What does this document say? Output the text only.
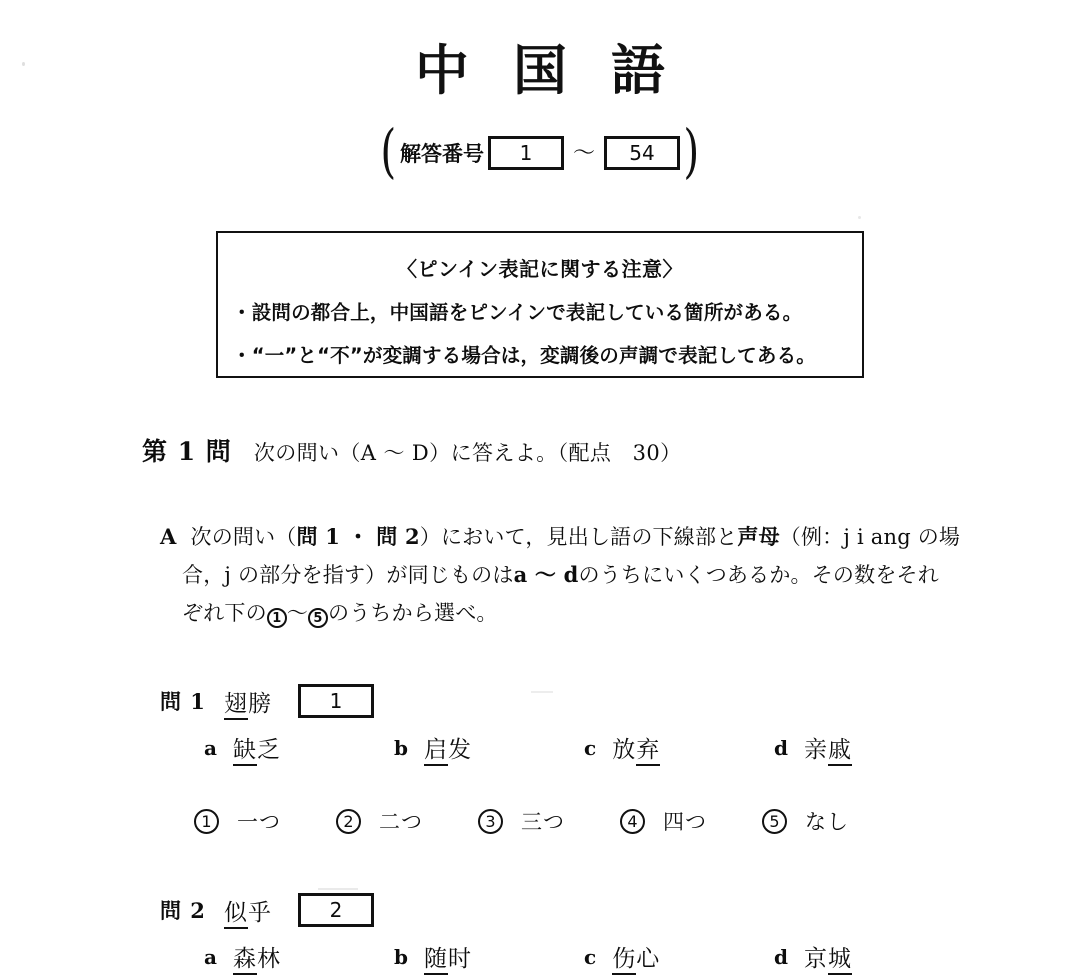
中国語
( 解答番号	1	〜	54 )
〈ピンイン表記に関する注意〉
・設問の都合上，中国語をピンインで表記している箇所がある。
・“一”と“不”が変調する場合は，変調後の声調で表記してある。
第 1 問 次の問い（A 〜 D）に答えよ。（配点　30）
A 次の問い（問 1 ・ 問 2）において，見出し語の下線部と声母（例：j i ang の場
合，j の部分を指す）が同じものはa 〜 dのうちにいくつあるか。その数をそれ
ぞれ下の 1 〜 5 のうちから選べ。
問 1 翅膀	1
a 缺乏	b 启发	c 放弃	d 亲戚
1	一つ	2	二つ	3	三つ	4	四つ	5	なし
問 2 似乎	2
a 森林	b 随时	c 伤心	d 京城
